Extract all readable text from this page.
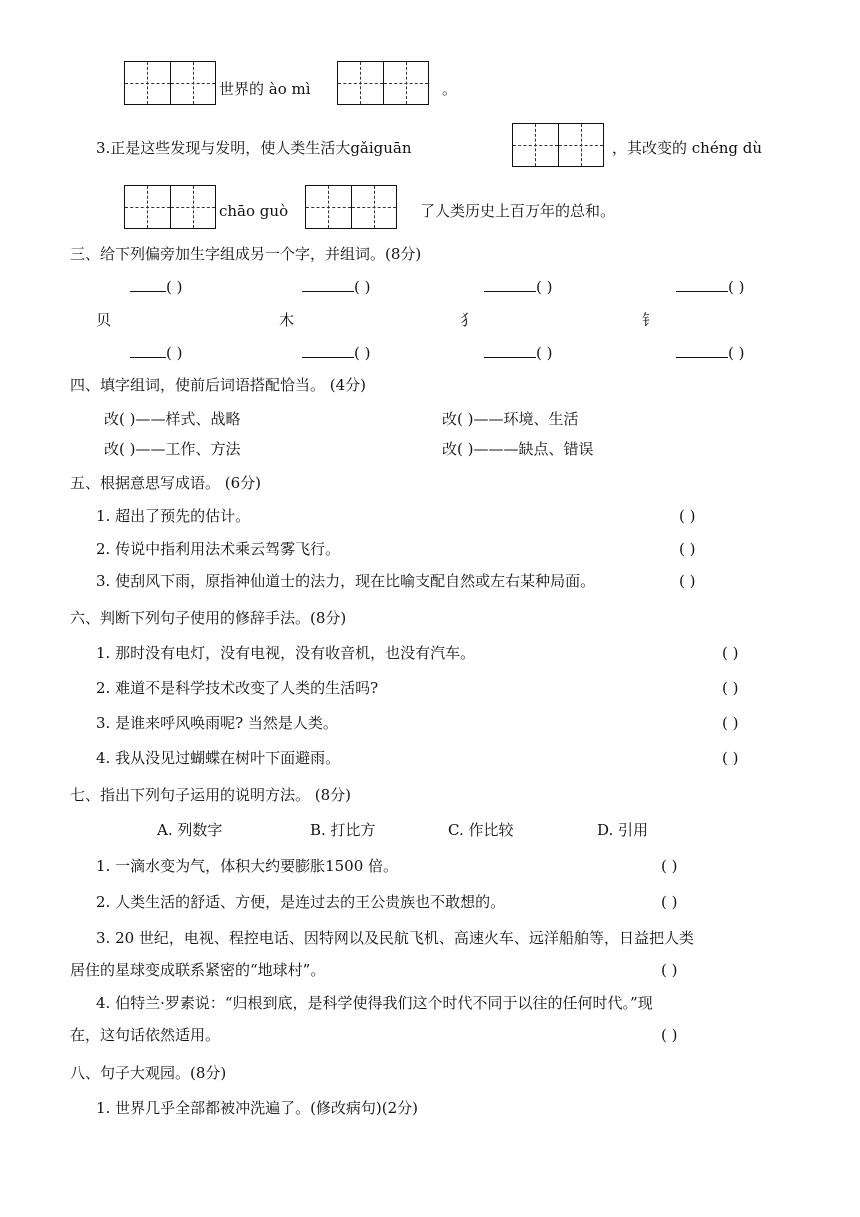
世界的 ào mì	。
3.正是这些发现与发明，使人类生活大gǎiguān	，其改变的 chéng dù
chāo guò	了人类历史上百万年的总和。
三、给下列偏旁加生字组成另一个字，并组词。(8分)
( )	( )	( )	( )
贝	木	犭	钅
( )	( )	( )	( )
四、填字组词，使前后词语搭配恰当。 (4分)
改( )——样式、战略	改( )——环境、生活
改( )——工作、方法	改( )———缺点、错误
五、根据意思写成语。 (6分)
1. 超出了预先的估计。	( )
2. 传说中指利用法术乘云驾雾飞行。	( )
3. 使刮风下雨，原指神仙道士的法力，现在比喻支配自然或左右某种局面。	( )
六、判断下列句子使用的修辞手法。(8分)
1. 那时没有电灯，没有电视，没有收音机，也没有汽车。	( )
2. 难道不是科学技术改变了人类的生活吗?	( )
3. 是谁来呼风唤雨呢? 当然是人类。	( )
4. 我从没见过蝴蝶在树叶下面避雨。	( )
七、指出下列句子运用的说明方法。 (8分)
A. 列数字	B. 打比方	C. 作比较	D. 引用
1. 一滴水变为气，体积大约要膨胀1500 倍。	( )
2. 人类生活的舒适、方便，是连过去的王公贵族也不敢想的。	( )
3. 20 世纪，电视、程控电话、因特网以及民航飞机、高速火车、远洋船舶等，日益把人类
居住的星球变成联系紧密的“地球村”。	( )
4. 伯特兰·罗素说：“归根到底，是科学使得我们这个时代不同于以往的任何时代。”现
在，这句话依然适用。	( )
八、句子大观园。(8分)
1. 世界几乎全部都被冲洗遍了。(修改病句)(2分)
